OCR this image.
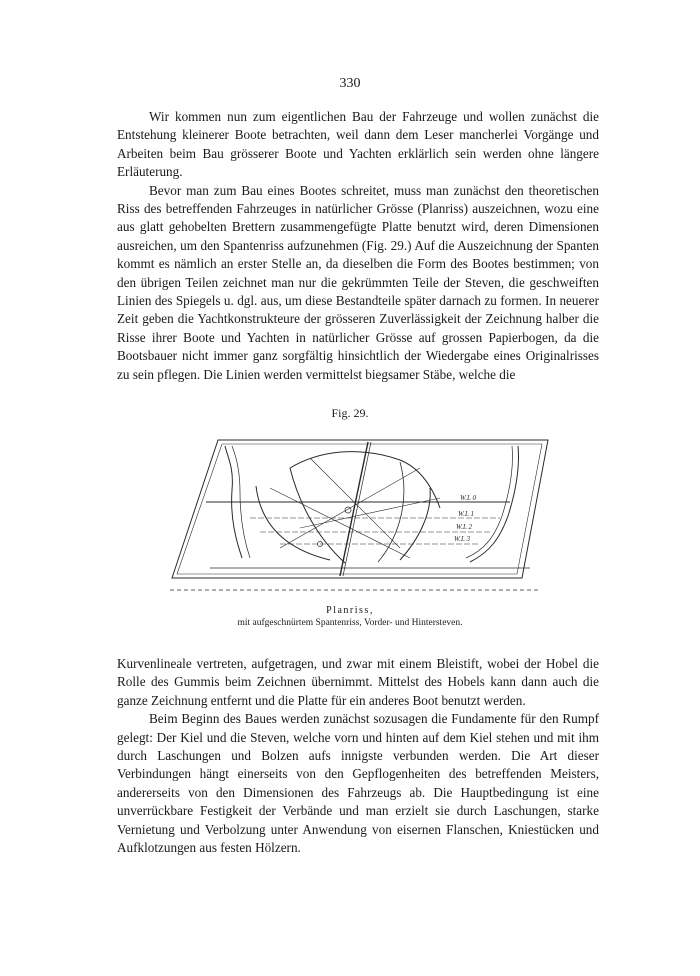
330

Wir kommen nun zum eigentlichen Bau der Fahrzeuge und wollen zunächst die Entstehung kleinerer Boote betrachten, weil dann dem Leser mancherlei Vorgänge und Arbeiten beim Bau grösserer Boote und Yachten erklärlich sein werden ohne längere Erläuterung.

Bevor man zum Bau eines Bootes schreitet, muss man zunächst den theoretischen Riss des betreffenden Fahrzeuges in natürlicher Grösse (Planriss) auszeichnen, wozu eine aus glatt gehobelten Brettern zusammengefügte Platte benutzt wird, deren Dimensionen ausreichen, um den Spantenriss aufzunehmen (Fig. 29.) Auf die Auszeichnung der Spanten kommt es nämlich an erster Stelle an, da dieselben die Form des Bootes bestimmen; von den übrigen Teilen zeichnet man nur die gekrümmten Teile der Steven, die geschweiften Linien des Spiegels u. dgl. aus, um diese Bestandteile später darnach zu formen. In neuerer Zeit geben die Yachtkonstrukteure der grösseren Zuverlässigkeit der Zeichnung halber die Risse ihrer Boote und Yachten in natürlicher Grösse auf grossen Papierbogen, da die Bootsbauer nicht immer ganz sorgfältig hinsichtlich der Wiedergabe eines Originalrisses zu sein pflegen. Die Linien werden vermittelst biegsamer Stäbe, welche die

Fig. 29.
W.L 0
W.L 1
W.L 2
W.L 3
Planriss,
mit aufgeschnürtem Spantenriss, Vorder- und Hintersteven.

Kurvenlineale vertreten, aufgetragen, und zwar mit einem Bleistift, wobei der Hobel die Rolle des Gummis beim Zeichnen übernimmt. Mittelst des Hobels kann dann auch die ganze Zeichnung entfernt und die Platte für ein anderes Boot benutzt werden.

Beim Beginn des Baues werden zunächst sozusagen die Fundamente für den Rumpf gelegt: Der Kiel und die Steven, welche vorn und hinten auf dem Kiel stehen und mit ihm durch Laschungen und Bolzen aufs innigste verbunden werden. Die Art dieser Verbindungen hängt einerseits von den Gepflogenheiten des betreffenden Meisters, andererseits von den Dimensionen des Fahrzeugs ab. Die Hauptbedingung ist eine unverrückbare Festigkeit der Verbände und man erzielt sie durch Laschungen, starke Vernietung und Verbolzung unter Anwendung von eisernen Flanschen, Kniestücken und Aufklotzungen aus festen Hölzern.
